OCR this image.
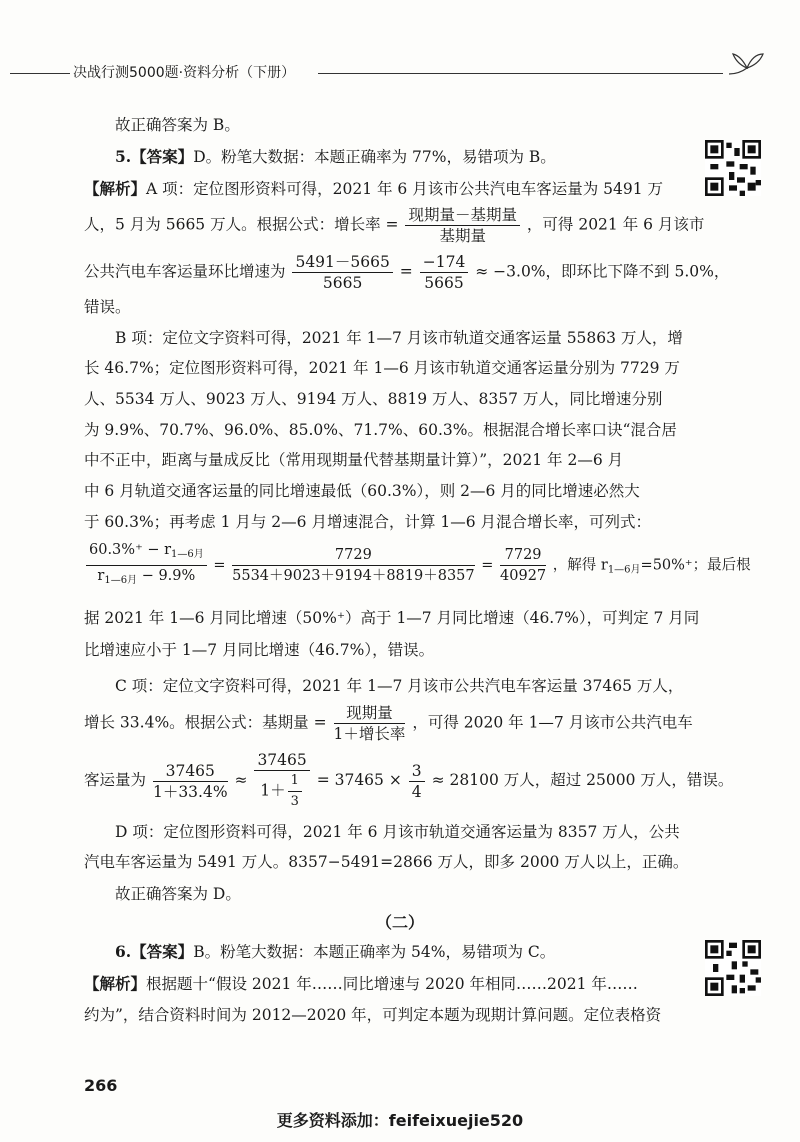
决战行测5000题·资料分析（下册）
故正确答案为 B。
5.【答案】D。粉笔大数据：本题正确率为 77%，易错项为 B。
【解析】A 项：定位图形资料可得，2021 年 6 月该市公共汽电车客运量为 5491 万
人，5 月为 5665 万人。根据公式：增长率 = $\frac{\text{现期量－基期量}}{\text{基期量}}$ ，可得 2021 年 6 月该市
公共汽电车客运量环比增速为 $\frac{5491-5665}{5665} = \frac{-174}{5665} \approx -3.0\%$，即环比下降不到 5.0%，
错误。
B 项：定位文字资料可得，2021 年 1—7 月该市轨道交通客运量 55863 万人，增
长 46.7%；定位图形资料可得，2021 年 1—6 月该市轨道交通客运量分别为 7729 万
人、5534 万人、9023 万人、9194 万人、8819 万人、8357 万人，同比增速分别
为 9.9%、70.7%、96.0%、85.0%、71.7%、60.3%。根据混合增长率口诀“混合居
中不正中，距离与量成反比（常用现期量代替基期量计算）”，2021 年 2—6 月
中 6 月轨道交通客运量的同比增速最低（60.3%），则 2—6 月的同比增速必然大
于 60.3%；再考虑 1 月与 2—6 月增速混合，计算 1—6 月混合增长率，可列式：
$\frac{60.3\%^+ - r_{1—6月}}{r_{1—6月} - 9.9\%} = \frac{7729}{5534+9023+9194+8819+8357} = \frac{7729}{40927}$ ，解得 $r_{1—6月}=50\%^+$；最后根
据 2021 年 1—6 月同比增速（50%⁺）高于 1—7 月同比增速（46.7%），可判定 7 月同
比增速应小于 1—7 月同比增速（46.7%），错误。
C 项：定位文字资料可得，2021 年 1—7 月该市公共汽电车客运量 37465 万人，
增长 33.4%。根据公式：基期量 = $\frac{\text{现期量}}{\text{1＋增长率}}$ ，可得 2020 年 1—7 月该市公共汽电车
客运量为 $\frac{37465}{1+33.4\%} \approx \frac{37465}{1+ \frac{1}{3}} = 37465 \times \frac{3}{4} \approx 28100$ 万人，超过 25000 万人，错误。
D 项：定位图形资料可得，2021 年 6 月该市轨道交通客运量为 8357 万人，公共
汽电车客运量为 5491 万人。8357−5491=2866 万人，即多 2000 万人以上，正确。
故正确答案为 D。
（二）
6.【答案】B。粉笔大数据：本题正确率为 54%，易错项为 C。
【解析】根据题十“假设 2021 年……同比增速与 2020 年相同……2021 年……
约为”，结合资料时间为 2012—2020 年，可判定本题为现期计算问题。定位表格资
266
更多资料添加：feifeixuejie520
